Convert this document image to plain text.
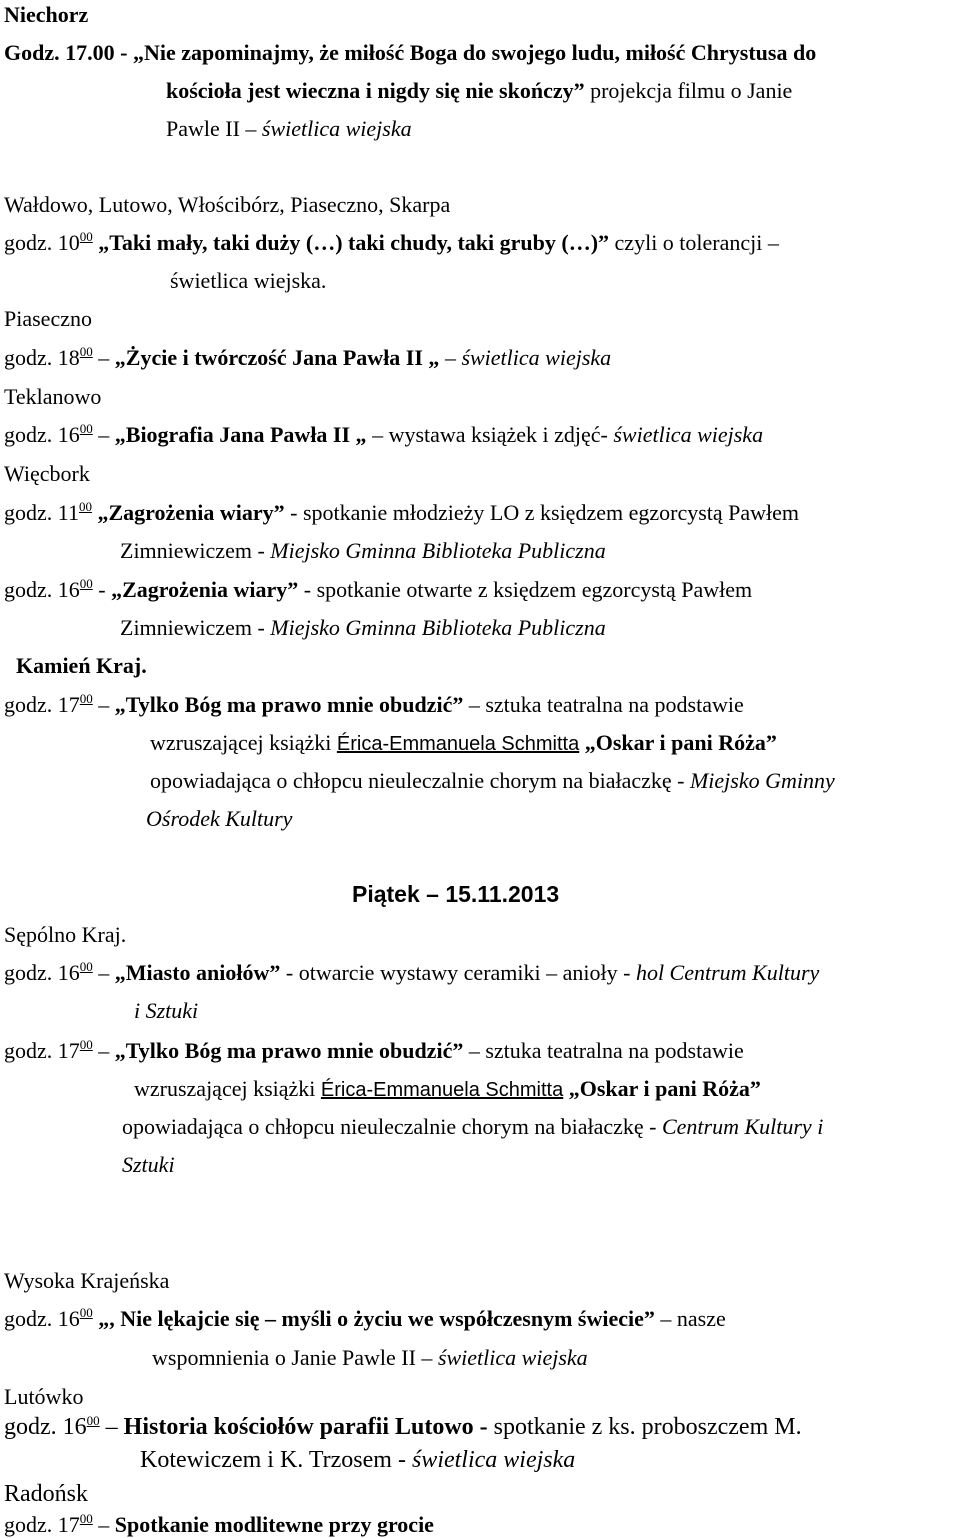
Niechorz
Godz. 17.00 - „Nie zapominajmy, że miłość Boga do swojego ludu, miłość Chrystusa do
kościoła jest wieczna i nigdy się nie skończy” projekcja filmu o Janie
Pawle II – świetlica wiejska
Wałdowo, Lutowo, Włościbórz, Piaseczno, Skarpa
godz. $10^{00}$ „Taki mały, taki duży (…) taki chudy, taki gruby (…)” czyli o tolerancji –
świetlica wiejska.
Piaseczno
godz. $18^{00}$ – „Życie i twórczość Jana Pawła II „ – świetlica wiejska
Teklanowo
godz. $16^{00}$ – „Biografia Jana Pawła II „ – wystawa książek i zdjęć- świetlica wiejska
Więcbork
godz. $11^{00}$ „Zagrożenia wiary” - spotkanie młodzieży LO z księdzem egzorcystą Pawłem
Zimniewiczem - Miejsko Gminna Biblioteka Publiczna
godz. $16^{00}$ - „Zagrożenia wiary” - spotkanie otwarte z księdzem egzorcystą Pawłem
Zimniewiczem - Miejsko Gminna Biblioteka Publiczna
Kamień Kraj.
godz. $17^{00}$ – „Tylko Bóg ma prawo mnie obudzić” – sztuka teatralna na podstawie
wzruszającej książki Érica-Emmanuela Schmitta „Oskar i pani Róża”
opowiadająca o chłopcu nieuleczalnie chorym na białaczkę - Miejsko Gminny
Ośrodek Kultury
Piątek – 15.11.2013
Sępólno Kraj.
godz. $16^{00}$ – „Miasto aniołów” - otwarcie wystawy ceramiki – anioły - hol Centrum Kultury
i Sztuki
godz. $17^{00}$ – „Tylko Bóg ma prawo mnie obudzić” – sztuka teatralna na podstawie
wzruszającej książki Érica-Emmanuela Schmitta „Oskar i pani Róża”
opowiadająca o chłopcu nieuleczalnie chorym na białaczkę - Centrum Kultury i
Sztuki
Wysoka Krajeńska
godz. $16^{00}$ „, Nie lękajcie się – myśli o życiu we współczesnym świecie” – nasze
wspomnienia o Janie Pawle II – świetlica wiejska
Lutówko
godz. $16^{00}$ – Historia kościołów parafii Lutowo - spotkanie z ks. proboszczem M.
Kotewiczem i K. Trzosem - świetlica wiejska
Radońsk
godz. $17^{00}$ – Spotkanie modlitewne przy grocie
